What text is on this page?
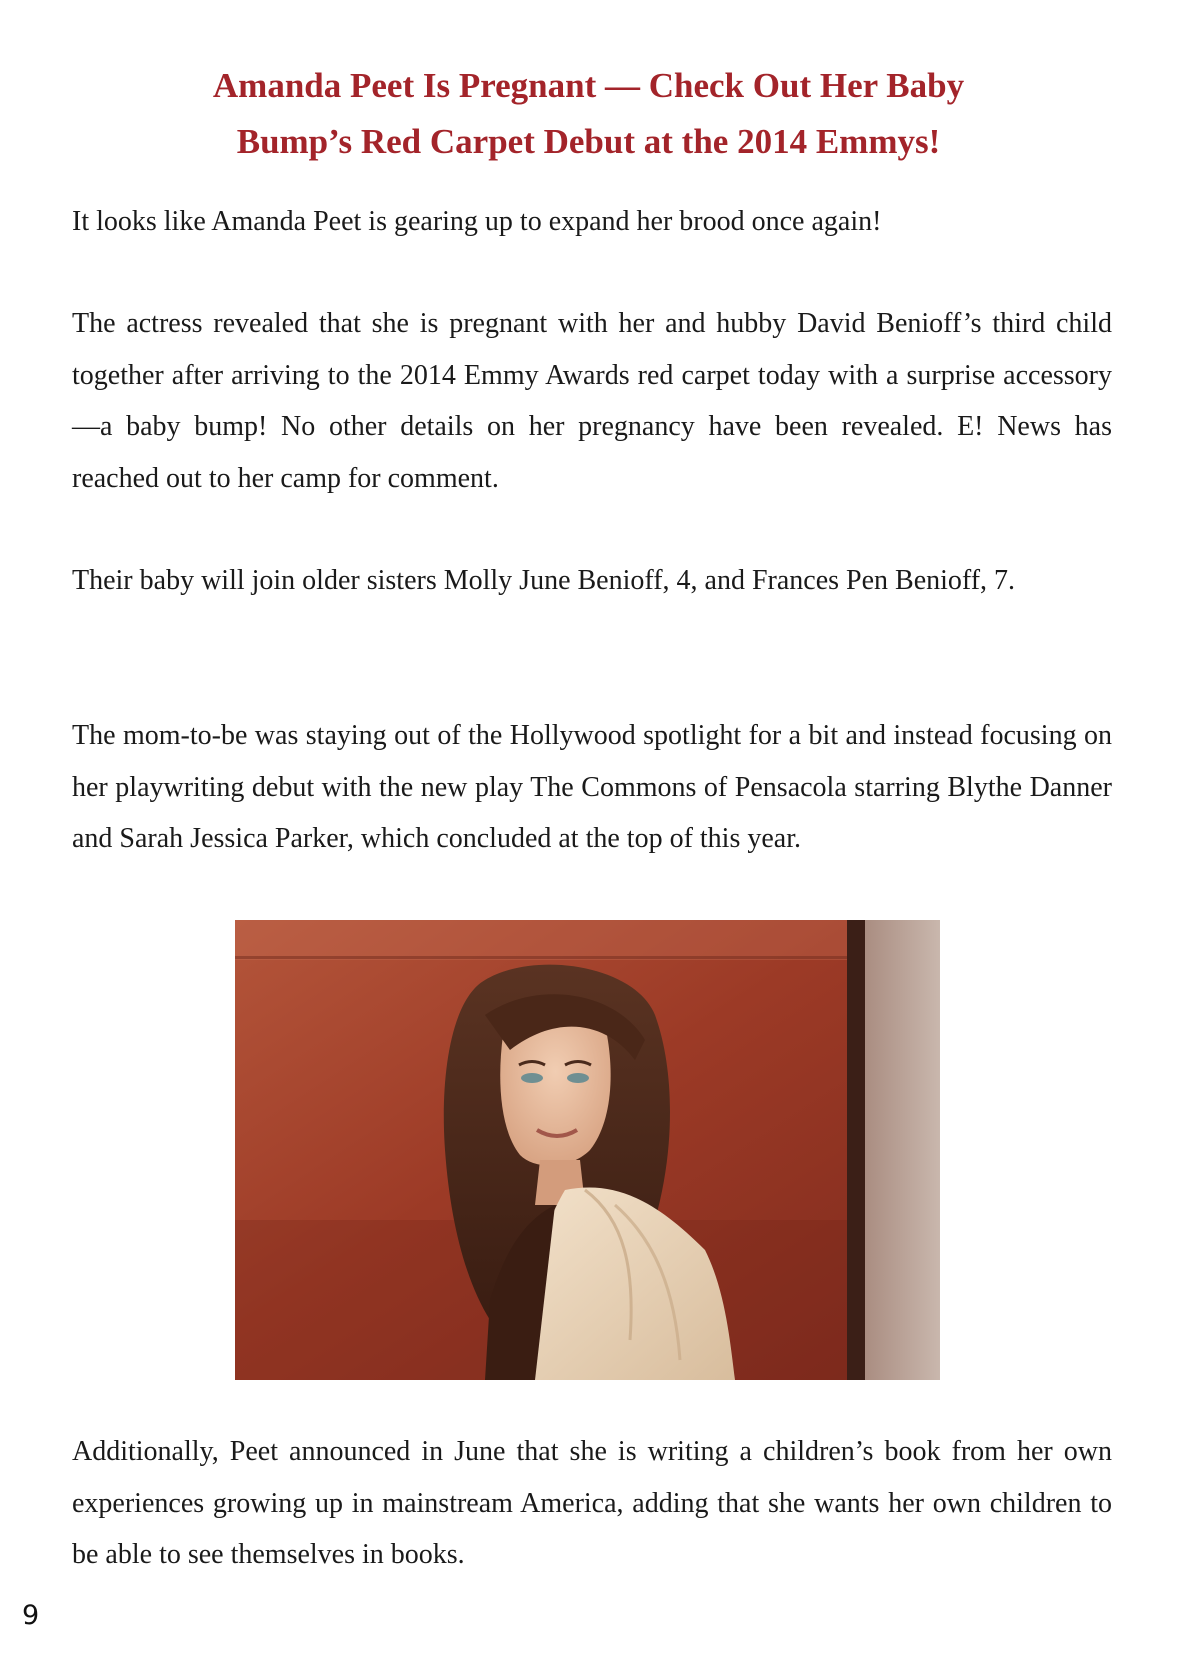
Amanda Peet Is Pregnant — Check Out Her Baby
Bump’s Red Carpet Debut at the 2014 Emmys!

It looks like Amanda Peet is gearing up to expand her brood once again!

The actress revealed that she is pregnant with her and hubby David Benioff’s third child together after arriving to the 2014 Emmy Awards red carpet today with a surprise accessory—a baby bump! No other details on her pregnancy have been revealed. E! News has reached out to her camp for comment.

Their baby will join older sisters Molly June Benioff, 4, and Frances Pen Benioff, 7.

The mom-to-be was staying out of the Hollywood spotlight for a bit and instead focusing on her playwriting debut with the new play The Commons of Pensacola starring Blythe Danner and Sarah Jessica Parker, which concluded at the top of this year.

Additionally, Peet announced in June that she is writing a children’s book from her own experiences growing up in mainstream America, adding that she wants her own children to be able to see themselves in books.

9
